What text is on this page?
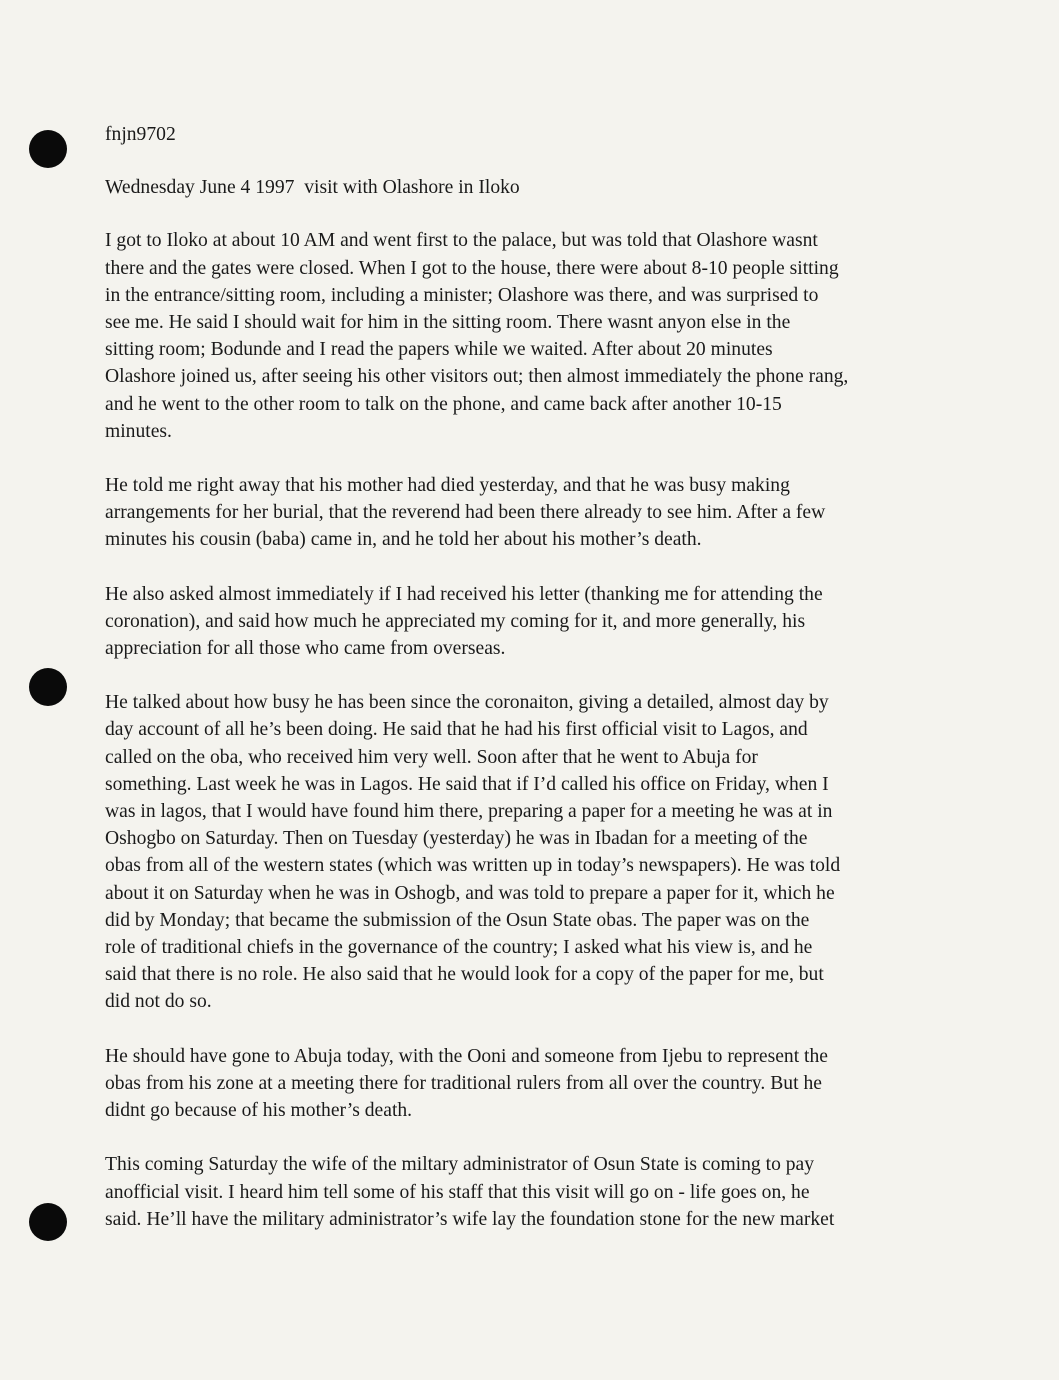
fnjn9702
Wednesday June 4 1997  visit with Olashore in Iloko
I got to Iloko at about 10 AM and went first to the palace, but was told that Olashore wasnt
there and the gates were closed. When I got to the house, there were about 8-10 people sitting
in the entrance/sitting room, including a minister; Olashore was there, and was surprised to
see me. He said I should wait for him in the sitting room. There wasnt anyon else in the
sitting room; Bodunde and I read the papers while we waited. After about 20 minutes
Olashore joined us, after seeing his other visitors out; then almost immediately the phone rang,
and he went to the other room to talk on the phone, and came back after another 10-15
minutes.
He told me right away that his mother had died yesterday, and that he was busy making
arrangements for her burial, that the reverend had been there already to see him. After a few
minutes his cousin (baba) came in, and he told her about his mother’s death.
He also asked almost immediately if I had received his letter (thanking me for attending the
coronation), and said how much he appreciated my coming for it, and more generally, his
appreciation for all those who came from overseas.
He talked about how busy he has been since the coronaiton, giving a detailed, almost day by
day account of all he’s been doing. He said that he had his first official visit to Lagos, and
called on the oba, who received him very well. Soon after that he went to Abuja for
something. Last week he was in Lagos. He said that if I’d called his office on Friday, when I
was in lagos, that I would have found him there, preparing a paper for a meeting he was at in
Oshogbo on Saturday. Then on Tuesday (yesterday) he was in Ibadan for a meeting of the
obas from all of the western states (which was written up in today’s newspapers). He was told
about it on Saturday when he was in Oshogb, and was told to prepare a paper for it, which he
did by Monday; that became the submission of the Osun State obas. The paper was on the
role of traditional chiefs in the governance of the country; I asked what his view is, and he
said that there is no role. He also said that he would look for a copy of the paper for me, but
did not do so.
He should have gone to Abuja today, with the Ooni and someone from Ijebu to represent the
obas from his zone at a meeting there for traditional rulers from all over the country. But he
didnt go because of his mother’s death.
This coming Saturday the wife of the miltary administrator of Osun State is coming to pay
anofficial visit. I heard him tell some of his staff that this visit will go on - life goes on, he
said. He’ll have the military administrator’s wife lay the foundation stone for the new market
